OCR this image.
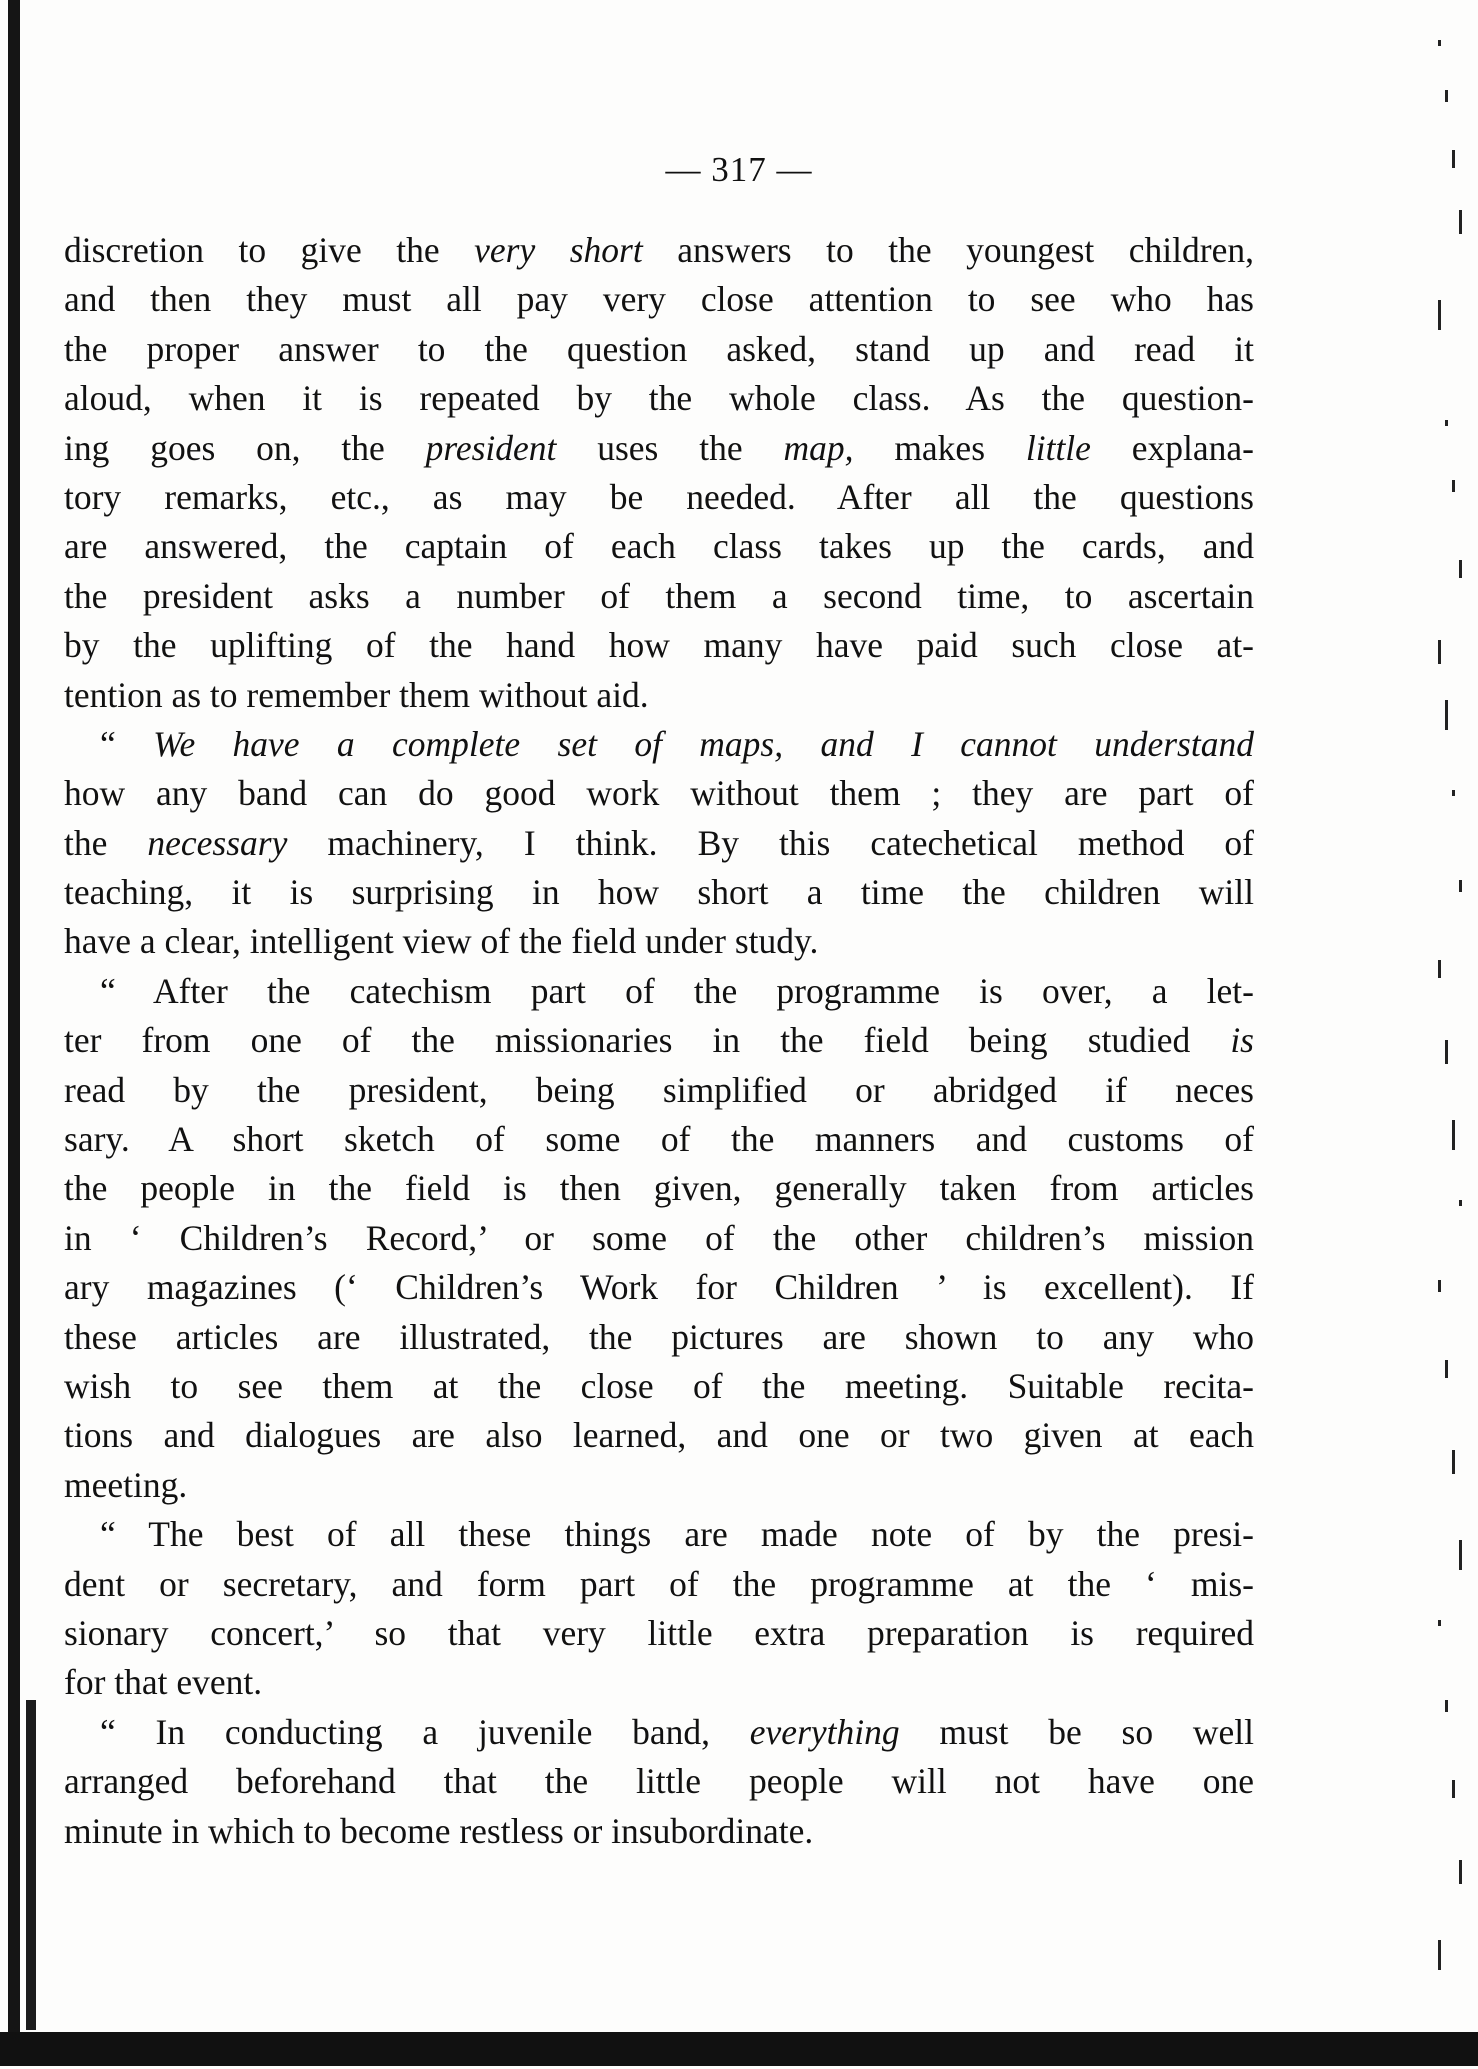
— 317 —
discretion to give the very short answers to the youngest children,
and then they must all pay very close attention to see who has
the proper answer to the question asked, stand up and read it
aloud, when it is repeated by the whole class. As the question-
ing goes on, the president uses the map, makes little explana-
tory remarks, etc., as may be needed. After all the questions
are answered, the captain of each class takes up the cards, and
the president asks a number of them a second time, to ascertain
by the uplifting of the hand how many have paid such close at-
tention as to remember them without aid.
“ We have a complete set of maps, and I cannot understand
how any band can do good work without them ; they are part of
the necessary machinery, I think. By this catechetical method of
teaching, it is surprising in how short a time the children will
have a clear, intelligent view of the field under study.
“ After the catechism part of the programme is over, a let-
ter from one of the missionaries in the field being studied is
read by the president, being simplified or abridged if neces
sary. A short sketch of some of the manners and customs of
the people in the field is then given, generally taken from articles
in ‘ Children’s Record,’ or some of the other children’s mission
ary magazines (‘ Children’s Work for Children ’ is excellent). If
these articles are illustrated, the pictures are shown to any who
wish to see them at the close of the meeting. Suitable recita-
tions and dialogues are also learned, and one or two given at each
meeting.
“ The best of all these things are made note of by the presi-
dent or secretary, and form part of the programme at the ‘ mis-
sionary concert,’ so that very little extra preparation is required
for that event.
“ In conducting a juvenile band, everything must be so well
arranged beforehand that the little people will not have one
minute in which to become restless or insubordinate.
